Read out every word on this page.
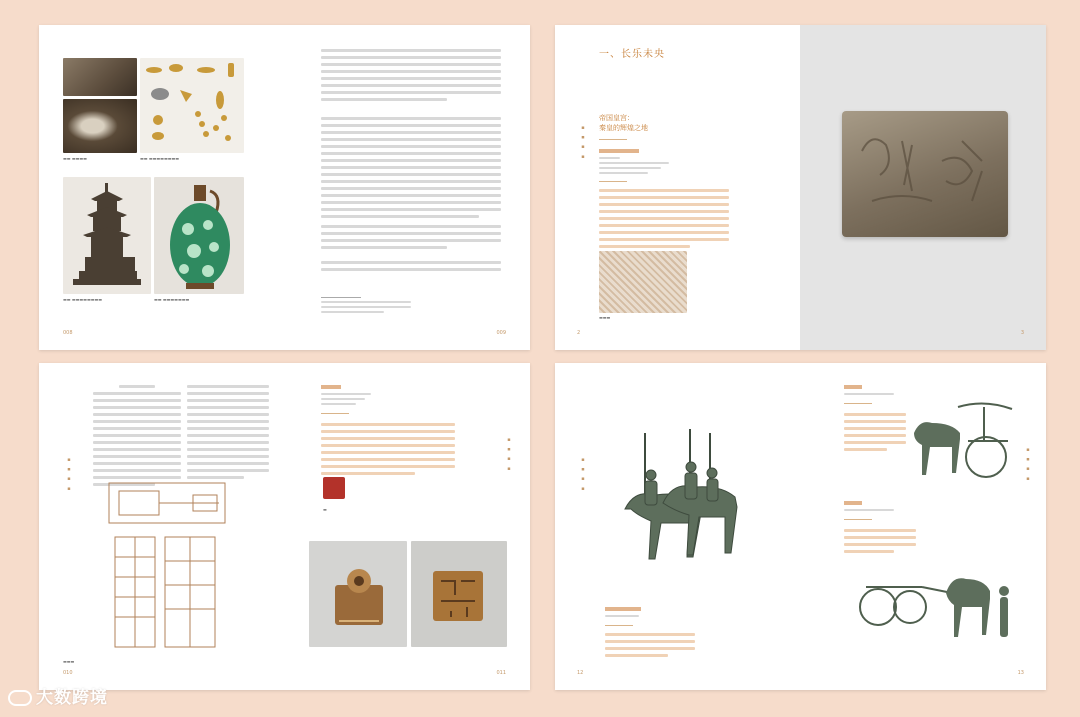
▬▬ ▬▬▬▬	▬▬ ▬▬▬▬▬▬▬▬
▬▬ ▬▬▬▬▬▬▬▬	▬▬ ▬▬▬▬▬▬▬
008	009
一、长乐未央
▪ ▪ ▪ ▪
帝国皇宫：
秦皇的辉煌之地
▬▬▬
2	3
▪ ▪ ▪ ▪
▬▬▬
010
▪ ▪ ▪ ▪
▬
011
▪ ▪ ▪ ▪
12
▪ ▪ ▪ ▪
13
大数跨境
